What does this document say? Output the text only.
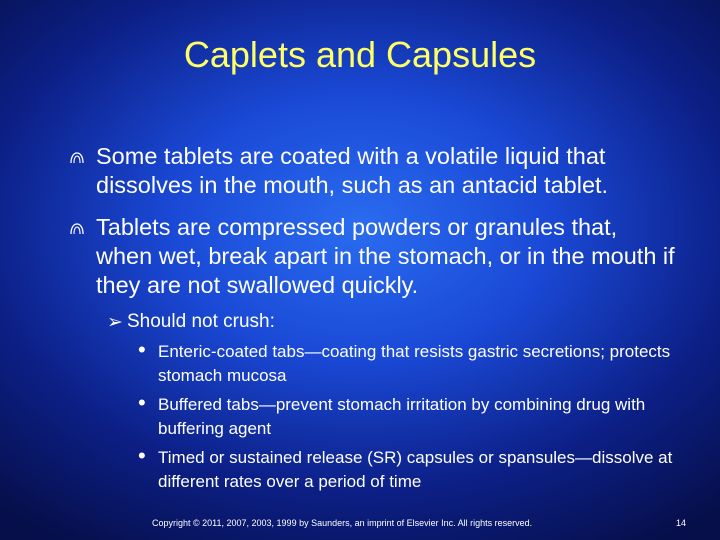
Caplets and Capsules
Some tablets are coated with a volatile liquid that dissolves in the mouth, such as an antacid tablet.
Tablets are compressed powders or granules that, when wet, break apart in the stomach, or in the mouth if they are not swallowed quickly.
➢ Should not crush:
• Enteric-coated tabs—coating that resists gastric secretions; protects stomach mucosa
• Buffered tabs—prevent stomach irritation by combining drug with buffering agent
• Timed or sustained release (SR) capsules or spansules—dissolve at different rates over a period of time
Copyright © 2011, 2007, 2003, 1999 by Saunders, an imprint of Elsevier Inc. All rights reserved.	14
